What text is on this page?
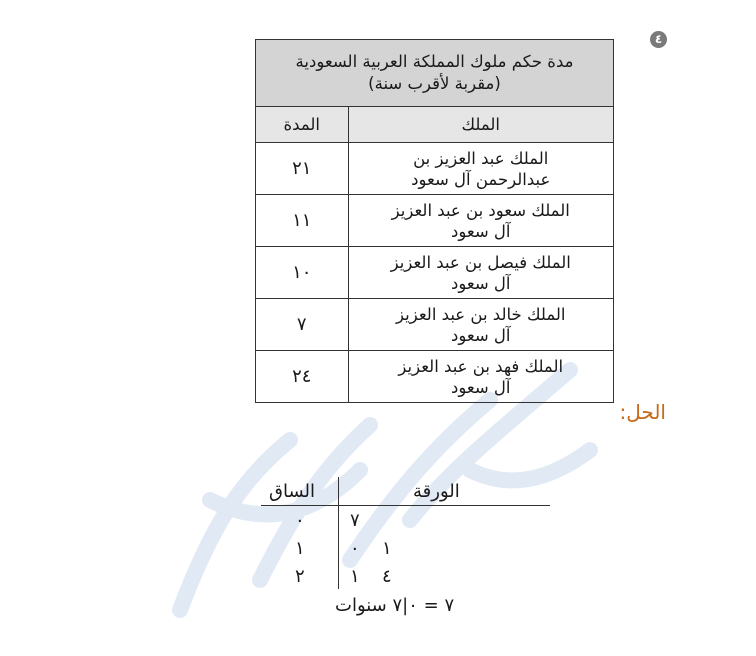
٤
مدة حكم ملوك المملكة العربية السعودية
(مقربة لأقرب سنة)	

الملك	المدة

الملك عبد العزيز بن
عبدالرحمن آل سعود	٢١

الملك سعود بن عبد العزيز
آل سعود	١١

الملك فيصل بن عبد العزيز
آل سعود	١٠

الملك خالد بن عبد العزيز
آل سعود	٧

الملك فهد بن عبد العزيز
آل سعود	٢٤
الحل:
الساق	الورقة
٠	٧
١	٠ ١
٢	١ ٤
٧ = ٠|٧ سنوات
